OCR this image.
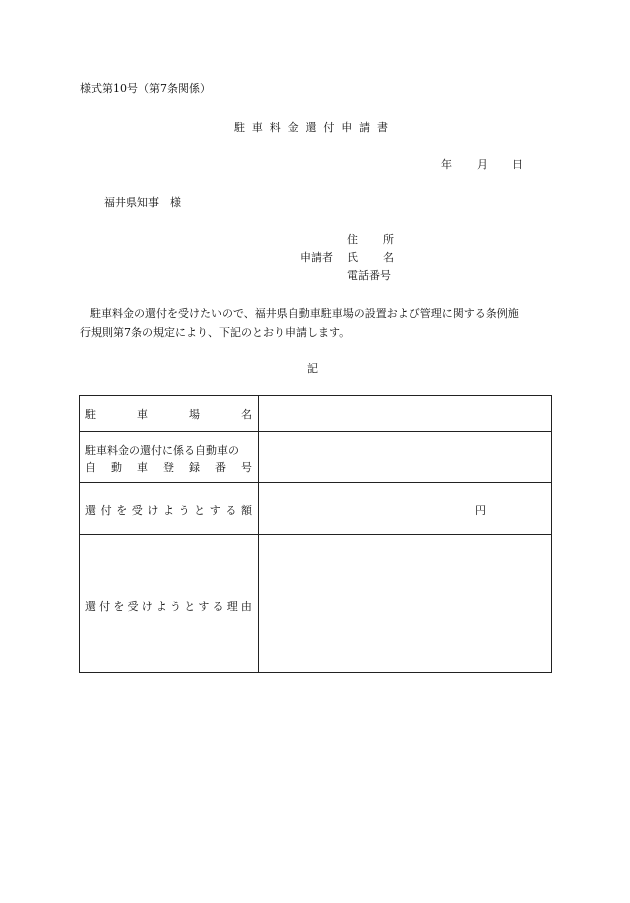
様式第10号（第7条関係）
駐 車 料 金 還 付 申 請 書
年 月 日
福井県知事　様
住 所
申請者 氏 名
電話番号
駐車料金の還付を受けたいので、福井県自動車駐車場の設置および管理に関する条例施
行規則第7条の規定により、下記のとおり申請します。
記
駐	車	場	名
駐車料金の還付に係る自動車の
自 動 車 登 録 番 号
還 付 を 受 け よ う と す る 額	円
還 付 を 受 け よ う と す る 理 由
